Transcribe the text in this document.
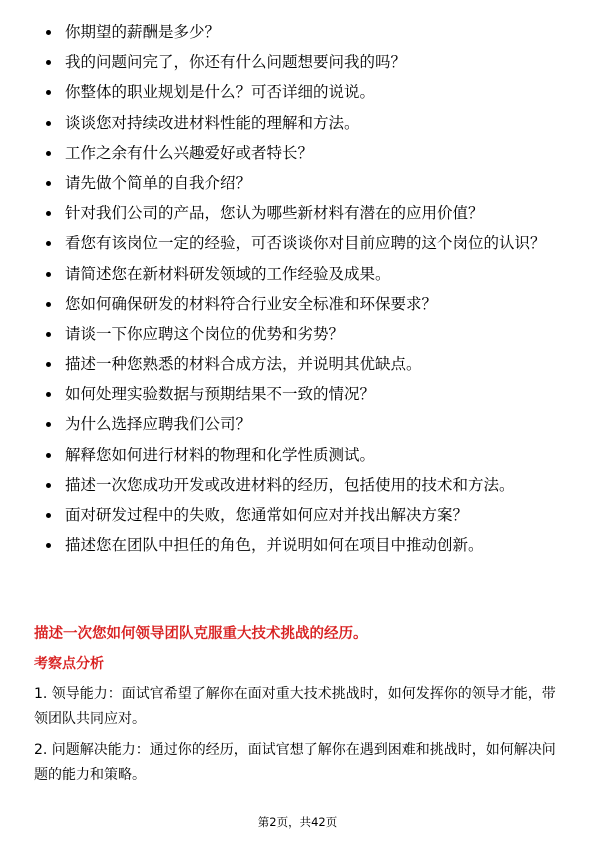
你期望的薪酬是多少？
我的问题问完了，你还有什么问题想要问我的吗？
你整体的职业规划是什么？可否详细的说说。
谈谈您对持续改进材料性能的理解和方法。
工作之余有什么兴趣爱好或者特长？
请先做个简单的自我介绍？
针对我们公司的产品，您认为哪些新材料有潜在的应用价值？
看您有该岗位一定的经验，可否谈谈你对目前应聘的这个岗位的认识？
请简述您在新材料研发领域的工作经验及成果。
您如何确保研发的材料符合行业安全标准和环保要求？
请谈一下你应聘这个岗位的优势和劣势？
描述一种您熟悉的材料合成方法，并说明其优缺点。
如何处理实验数据与预期结果不一致的情况？
为什么选择应聘我们公司？
解释您如何进行材料的物理和化学性质测试。
描述一次您成功开发或改进材料的经历，包括使用的技术和方法。
面对研发过程中的失败，您通常如何应对并找出解决方案？
描述您在团队中担任的角色，并说明如何在项目中推动创新。
描述一次您如何领导团队克服重大技术挑战的经历。
考察点分析

1. 领导能力：面试官希望了解你在面对重大技术挑战时，如何发挥你的领导才能，带领团队共同应对。

2. 问题解决能力：通过你的经历，面试官想了解你在遇到困难和挑战时，如何解决问题的能力和策略。

第2页，共42页
